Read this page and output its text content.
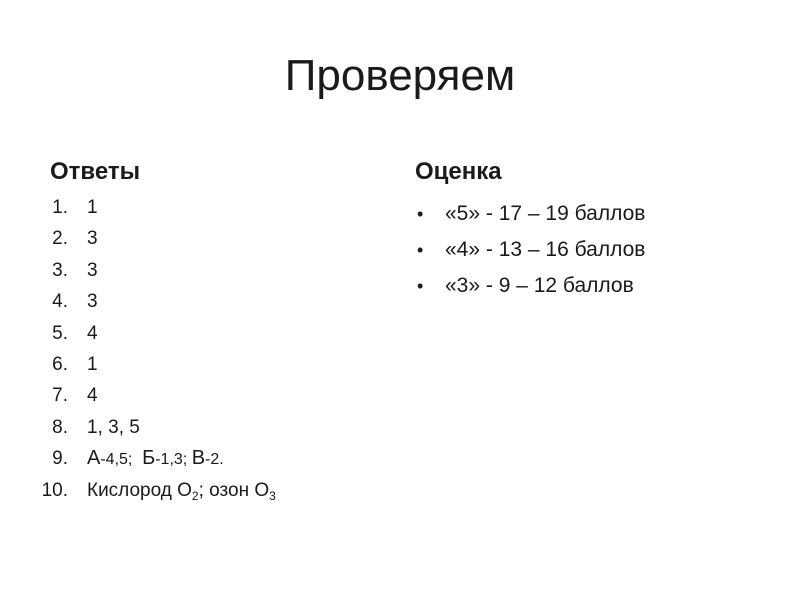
Проверяем
Ответы
1. 1
2. 3
3. 3
4. 3
5. 4
6. 1
7. 4
8. 1, 3, 5
9. А-4,5;  Б-1,3; В-2.
10. Кислород $О_2$; озон $О_3$
Оценка
• «5» - 17 – 19 баллов
• «4» - 13 – 16 баллов
• «3» - 9 – 12 баллов
